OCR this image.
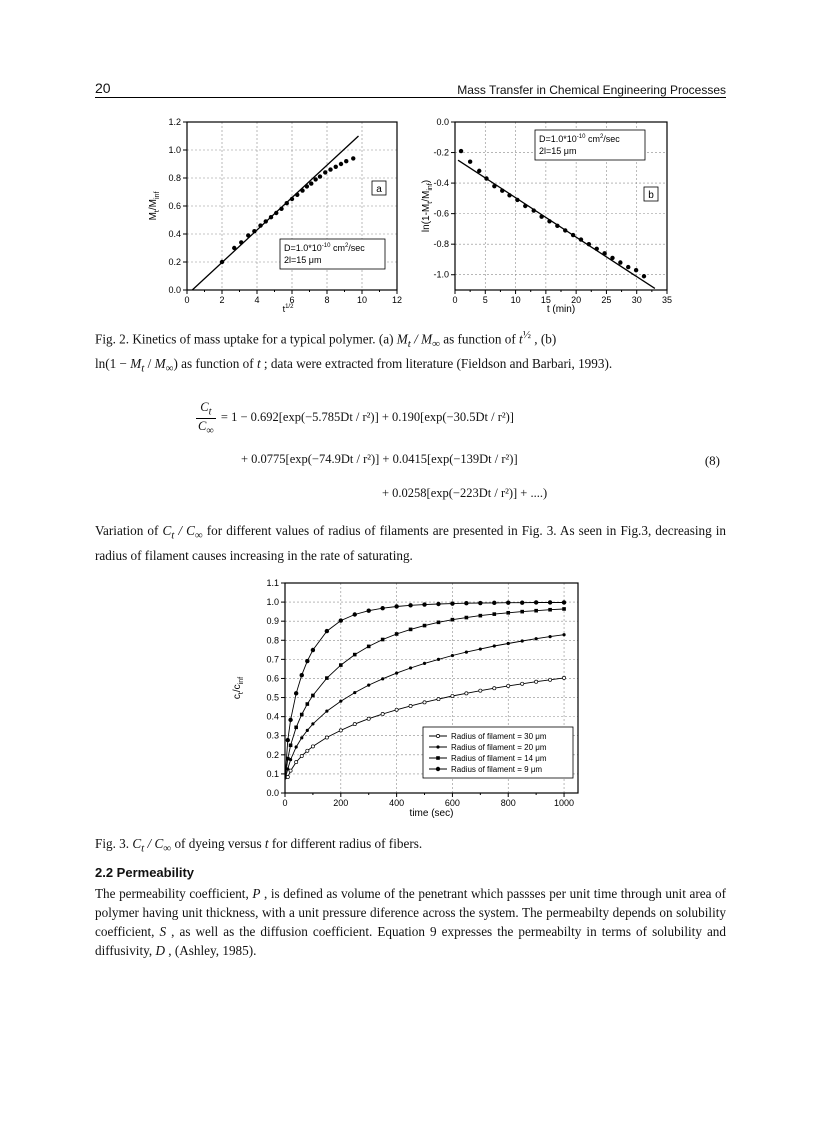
20	Mass Transfer in Chemical Engineering Processes
0	2	4	6	8	10	12
0.0
0.2
0.4
0.6
0.8
1.0
1.2
a
$D=1.0*10^{-10}$ $cm^2/\sec$
2l=15 μm
$t^{1/2}$
$M_t/M_{inf}$
0	5	10 15 20 25 30 35
0.0
-0.2
-0.4
-0.6
-0.8
-1.0
b
$D=1.0*10^{-10}$ $cm^2/\sec$
2l=15 μm
t (min)
$\ln(1-M_t/M_{inf})$
Fig. 2. Kinetics of mass uptake for a typical polymer. (a) $M_t / M_\infty$ as function of $t^{\frac{1}{2}}$ , (b)
$\ln(1 - M_t / M_\infty)$ as function of t ; data were extracted from literature (Fieldson and Barbari, 1993).
$\frac{C_t}{C_\infty} = 1 - 0.692[\exp(-5.785Dt / r^2)] + 0.190[\exp(-30.5Dt / r^2)]$
+ 0.0775[exp(−74.9Dt / r²)] + 0.0415[exp(−139Dt / r²)]
+ 0.0258[exp(−223Dt / r²)] + ....)
(8)
Variation of $C_t / C_\infty$ for different values of radius of filaments are presented in Fig. 3. As seen in Fig.3, decreasing in radius of filament causes increasing in the rate of saturating.
0	200	400	600	800	1000
0.0
0.1
0.2
0.3
0.4
0.5
0.6
0.7
0.8
0.9
1.0
1.1
Radius of filament = 30 μm
Radius of filament = 20 μm
Radius of filament = 14 μm
Radius of filament = 9 μm
time (sec)
$c_t/c_{inf}$
Fig. 3. $C_t / C_\infty$ of dyeing versus t for different radius of fibers.
2.2 Permeability
The permeability coefficient, P , is defined as volume of the penetrant which passses per unit time through unit area of polymer having unit thickness, with a unit pressure diference across the system. The permeabilty depends on solubility coefficient, S , as well as the diffusion coefficient. Equation 9 expresses the permeabilty in terms of solubility and diffusivity, D , (Ashley, 1985).
